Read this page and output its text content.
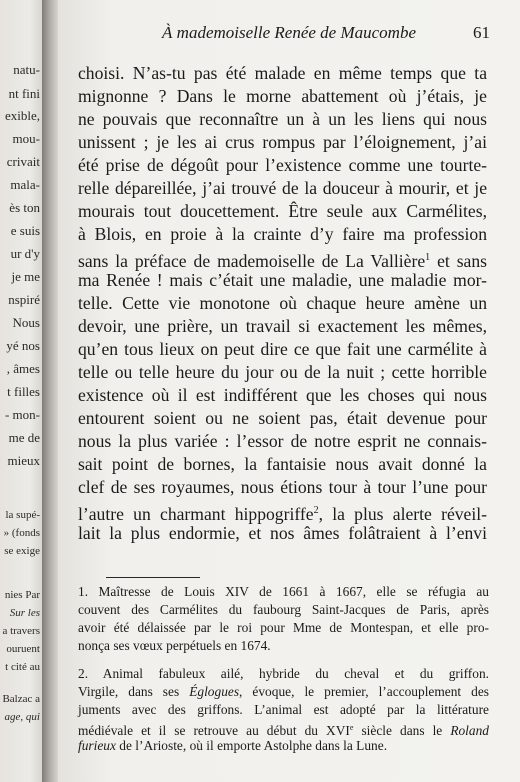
natu-
nt fini
exible,
mou-
crivait
mala-
ès ton
e suis
ur d'y
je me
nspiré
Nous
yé nos
, âmes
t filles
- mon-
me de
mieux
la supé-
» (fonds
se exige
nies Par
Sur les
a travers
ouruent
t cité au
Balzac a
age, qui
À mademoiselle Renée de Maucombe	61
choisi. N’as-tu pas été malade en même temps que ta
mignonne ? Dans le morne abattement où j’étais, je
ne pouvais que reconnaître un à un les liens qui nous
unissent ; je les ai crus rompus par l’éloignement, j’ai
été prise de dégoût pour l’existence comme une tourte-
relle dépareillée, j’ai trouvé de la douceur à mourir, et je
mourais tout doucettement. Être seule aux Carmélites,
à Blois, en proie à la crainte d’y faire ma profession
sans la préface de mademoiselle de La Vallière$^1$ et sans
ma Renée ! mais c’était une maladie, une maladie mor-
telle. Cette vie monotone où chaque heure amène un
devoir, une prière, un travail si exactement les mêmes,
qu’en tous lieux on peut dire ce que fait une carmélite à
telle ou telle heure du jour ou de la nuit ; cette horrible
existence où il est indifférent que les choses qui nous
entourent soient ou ne soient pas, était devenue pour
nous la plus variée : l’essor de notre esprit ne connais-
sait point de bornes, la fantaisie nous avait donné la
clef de ses royaumes, nous étions tour à tour l’une pour
l’autre un charmant hippogriffe$^2$, la plus alerte réveil-
lait la plus endormie, et nos âmes folâtraient à l’envi
1. Maîtresse de Louis XIV de 1661 à 1667, elle se réfugia au
couvent des Carmélites du faubourg Saint-Jacques de Paris, après
avoir été délaissée par le roi pour Mme de Montespan, et elle pro-
nonça ses vœux perpétuels en 1674.
2. Animal fabuleux ailé, hybride du cheval et du griffon.
Virgile, dans ses Églogues, évoque, le premier, l’accouplement des
juments avec des griffons. L’animal est adopté par la littérature
médiévale et il se retrouve au début du XVIe siècle dans le Roland
furieux de l’Arioste, où il emporte Astolphe dans la Lune.
